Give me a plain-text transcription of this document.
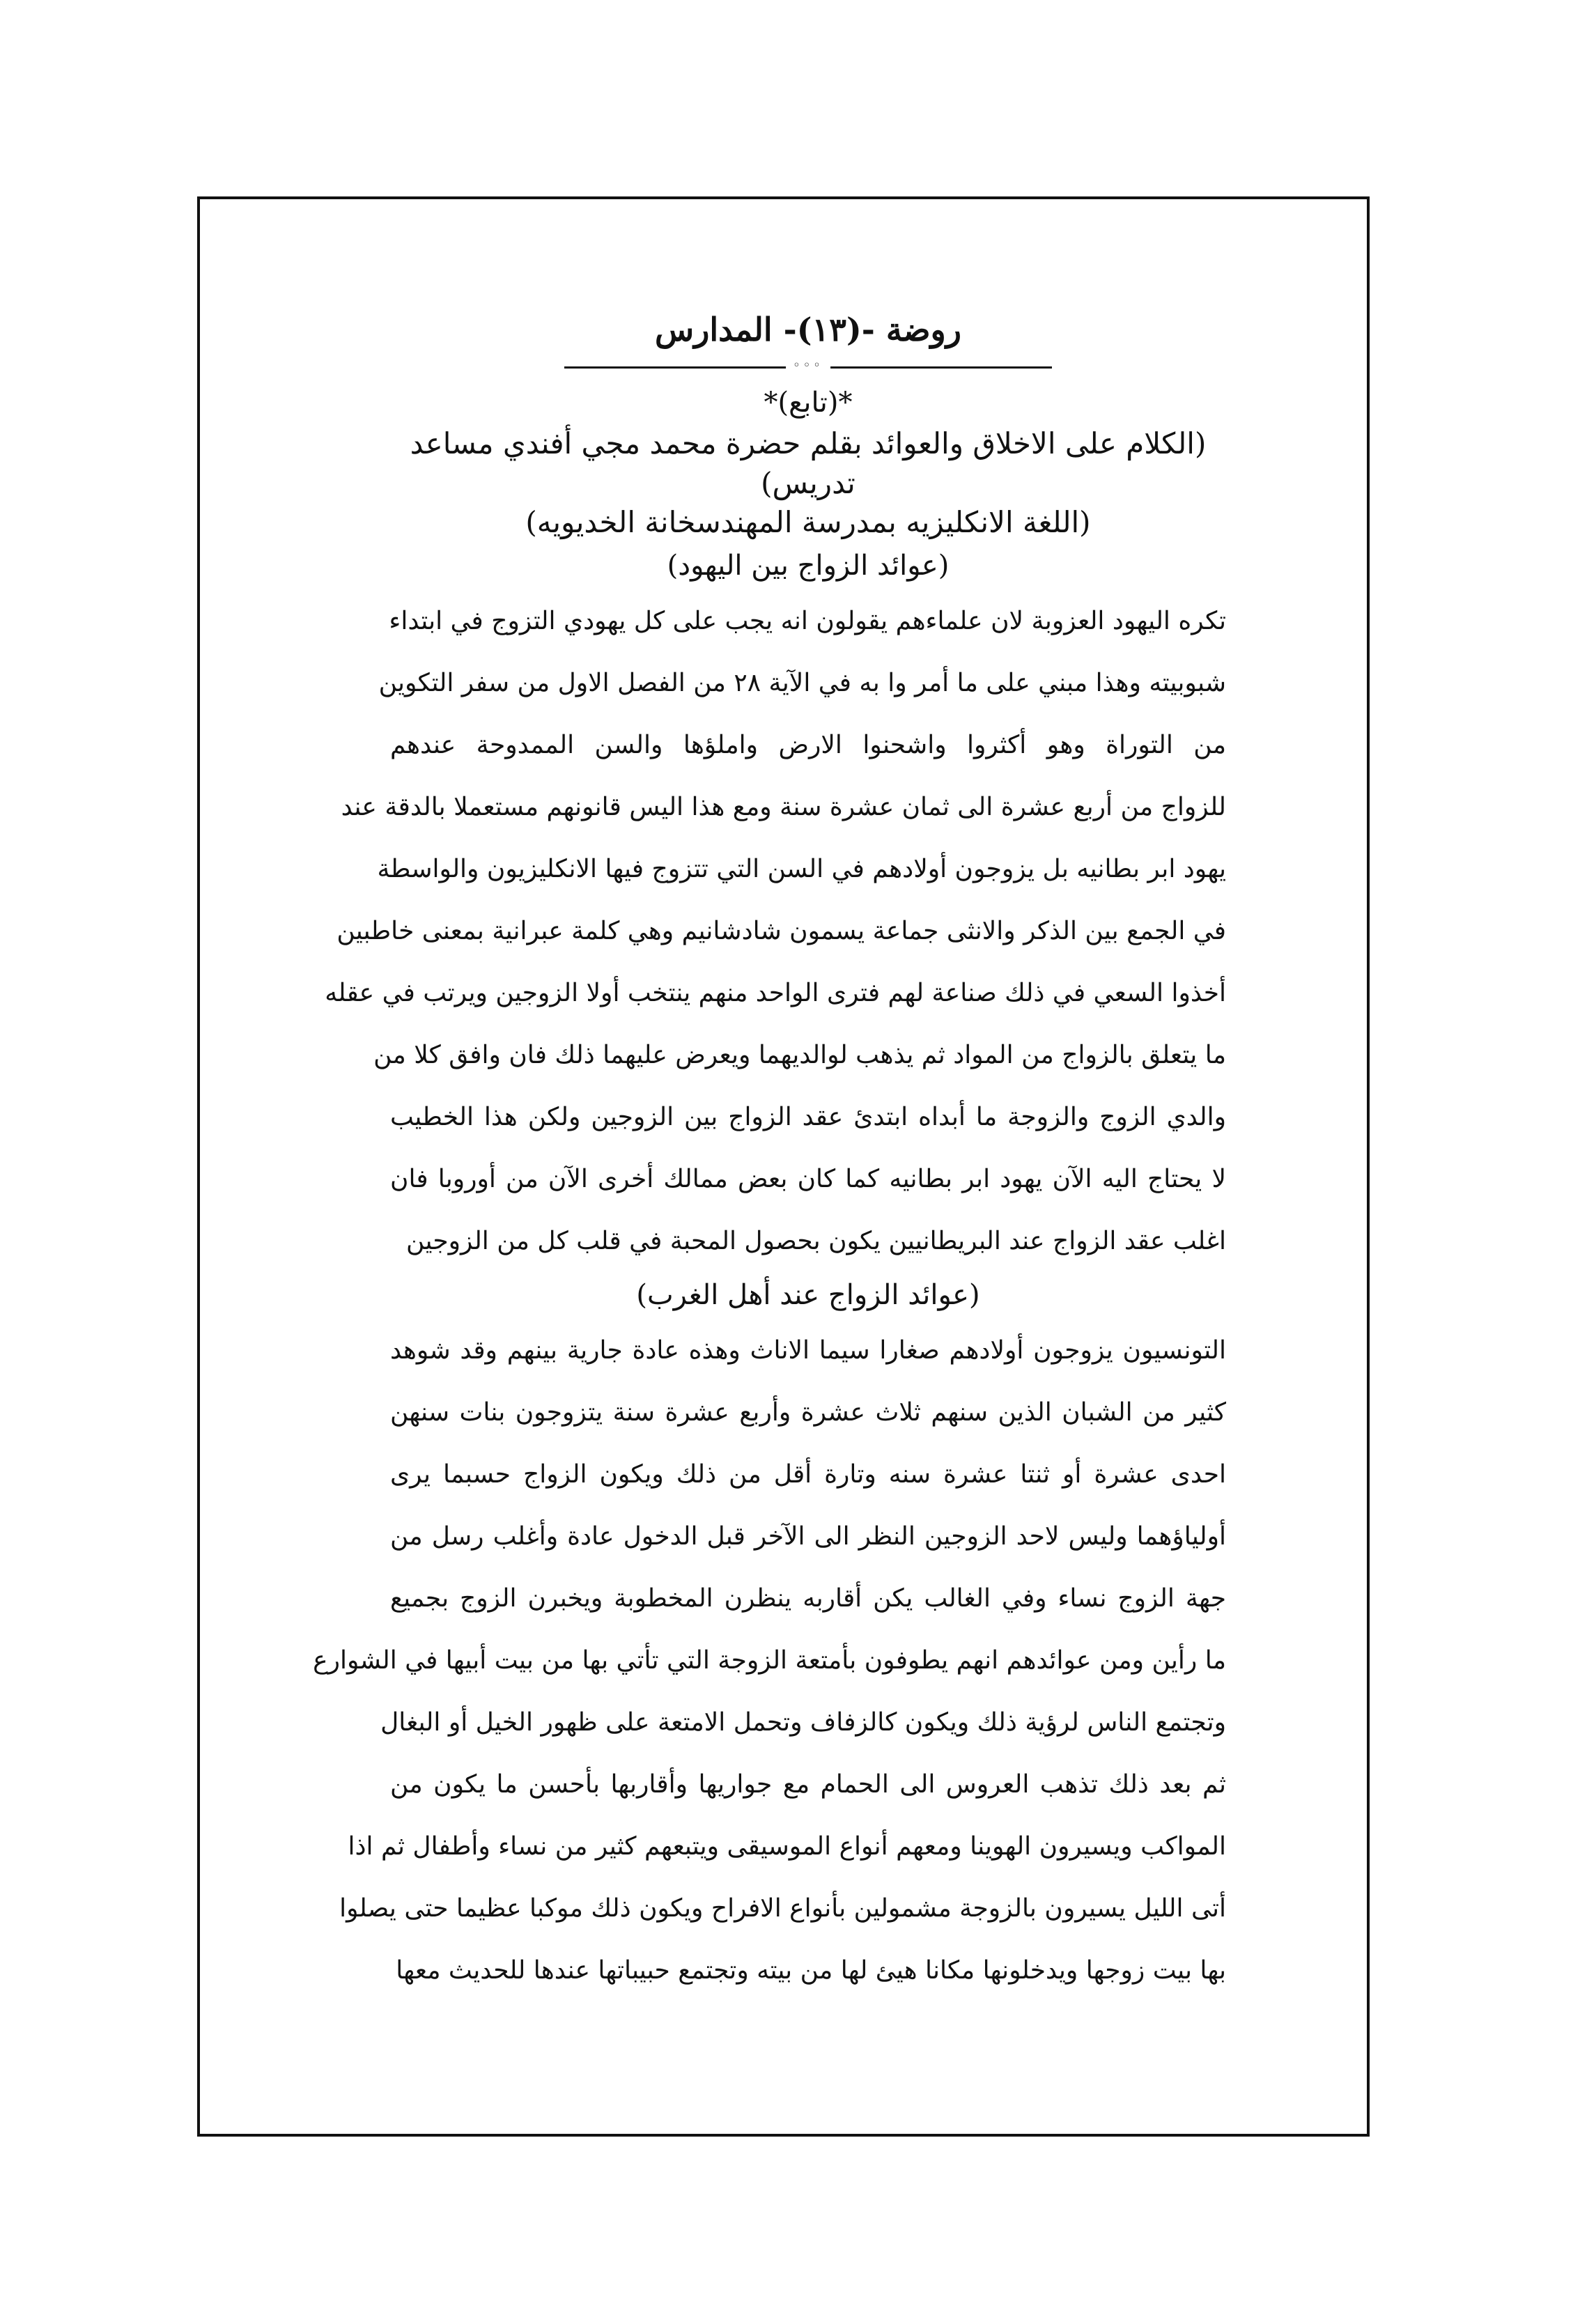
روضة -(١٣)- المدارس
◦◦◦
*(تابع)*
(الكلام على الاخلاق والعوائد بقلم حضرة محمد مجي أفندي مساعد تدريس)
(اللغة الانكليزيه بمدرسة المهندسخانة الخديويه)
(عوائد الزواج بين اليهود)
تكره اليهود العزوبة لان علماءهم يقولون انه يجب على كل يهودي التزوج في ابتداء
شبوبيته وهذا مبني على ما أمر وا به في الآية ٢٨ من الفصل الاول من سفر التكوين
من التوراة وهو أكثروا واشحنوا الارض واملؤها والسن الممدوحة عندهم
للزواج من أربع عشرة الى ثمان عشرة سنة ومع هذا اليس قانونهم مستعملا بالدقة عند
يهود ابر بطانيه بل يزوجون أولادهم في السن التي تتزوج فيها الانكليزيون والواسطة
في الجمع بين الذكر والانثى جماعة يسمون شادشانيم وهي كلمة عبرانية بمعنى خاطبين
أخذوا السعي في ذلك صناعة لهم فترى الواحد منهم ينتخب أولا الزوجين ويرتب في عقله
ما يتعلق بالزواج من المواد ثم يذهب لوالديهما ويعرض عليهما ذلك فان وافق كلا من
والدي الزوج والزوجة ما أبداه ابتدئ عقد الزواج بين الزوجين ولكن هذا الخطيب
لا يحتاج اليه الآن يهود ابر بطانيه كما كان بعض ممالك أخرى الآن من أوروبا فان
اغلب عقد الزواج عند البريطانيين يكون بحصول المحبة في قلب كل من الزوجين
(عوائد الزواج عند أهل الغرب)
التونسيون يزوجون أولادهم صغارا سيما الاناث وهذه عادة جارية بينهم وقد شوهد
كثير من الشبان الذين سنهم ثلاث عشرة وأربع عشرة سنة يتزوجون بنات سنهن
احدى عشرة أو ثنتا عشرة سنه وتارة أقل من ذلك ويكون الزواج حسبما يرى
أولياؤهما وليس لاحد الزوجين النظر الى الآخر قبل الدخول عادة وأغلب رسل من
جهة الزوج نساء وفي الغالب يكن أقاربه ينظرن المخطوبة ويخبرن الزوج بجميع
ما رأين ومن عوائدهم انهم يطوفون بأمتعة الزوجة التي تأتي بها من بيت أبيها في الشوارع
وتجتمع الناس لرؤية ذلك ويكون كالزفاف وتحمل الامتعة على ظهور الخيل أو البغال
ثم بعد ذلك تذهب العروس الى الحمام مع جواريها وأقاربها بأحسن ما يكون من
المواكب ويسيرون الهوينا ومعهم أنواع الموسيقى ويتبعهم كثير من نساء وأطفال ثم اذا
أتى الليل يسيرون بالزوجة مشمولين بأنواع الافراح ويكون ذلك موكبا عظيما حتى يصلوا
بها بيت زوجها ويدخلونها مكانا هيئ لها من بيته وتجتمع حبيباتها عندها للحديث معها
